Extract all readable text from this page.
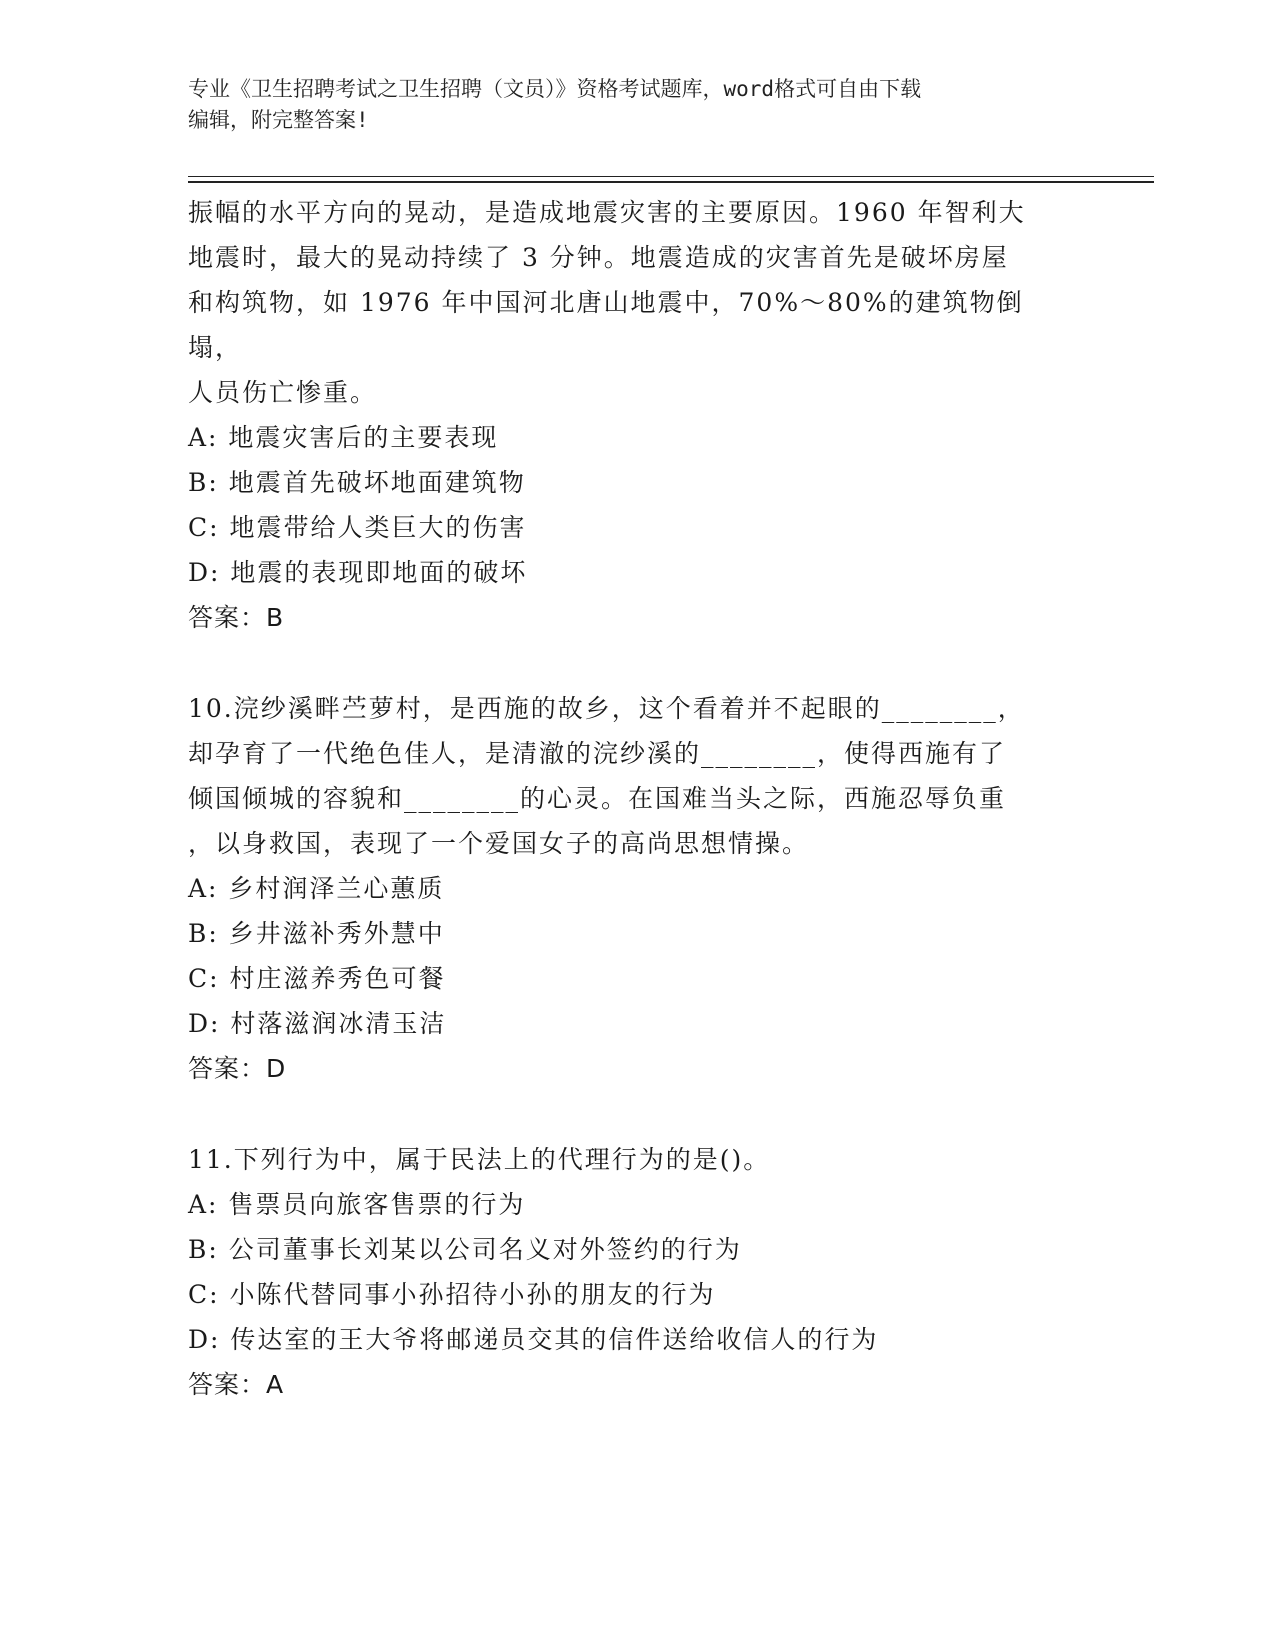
专业《卫生招聘考试之卫生招聘（文员）》资格考试题库，word格式可自由下载
编辑，附完整答案!
振幅的水平方向的晃动，是造成地震灾害的主要原因。1960 年智利大
地震时，最大的晃动持续了 3 分钟。地震造成的灾害首先是破坏房屋
和构筑物，如 1976 年中国河北唐山地震中，70%～80%的建筑物倒塌，
人员伤亡惨重。
A: 地震灾害后的主要表现
B: 地震首先破坏地面建筑物
C: 地震带给人类巨大的伤害
D: 地震的表现即地面的破坏
答案：B
10.浣纱溪畔苎萝村，是西施的故乡，这个看着并不起眼的________，
却孕育了一代绝色佳人，是清澈的浣纱溪的________，使得西施有了
倾国倾城的容貌和________的心灵。在国难当头之际，西施忍辱负重
，以身救国，表现了一个爱国女子的高尚思想情操。
A: 乡村润泽兰心蕙质
B: 乡井滋补秀外慧中
C: 村庄滋养秀色可餐
D: 村落滋润冰清玉洁
答案：D
11.下列行为中，属于民法上的代理行为的是()。
A: 售票员向旅客售票的行为
B: 公司董事长刘某以公司名义对外签约的行为
C: 小陈代替同事小孙招待小孙的朋友的行为
D: 传达室的王大爷将邮递员交其的信件送给收信人的行为
答案：A
